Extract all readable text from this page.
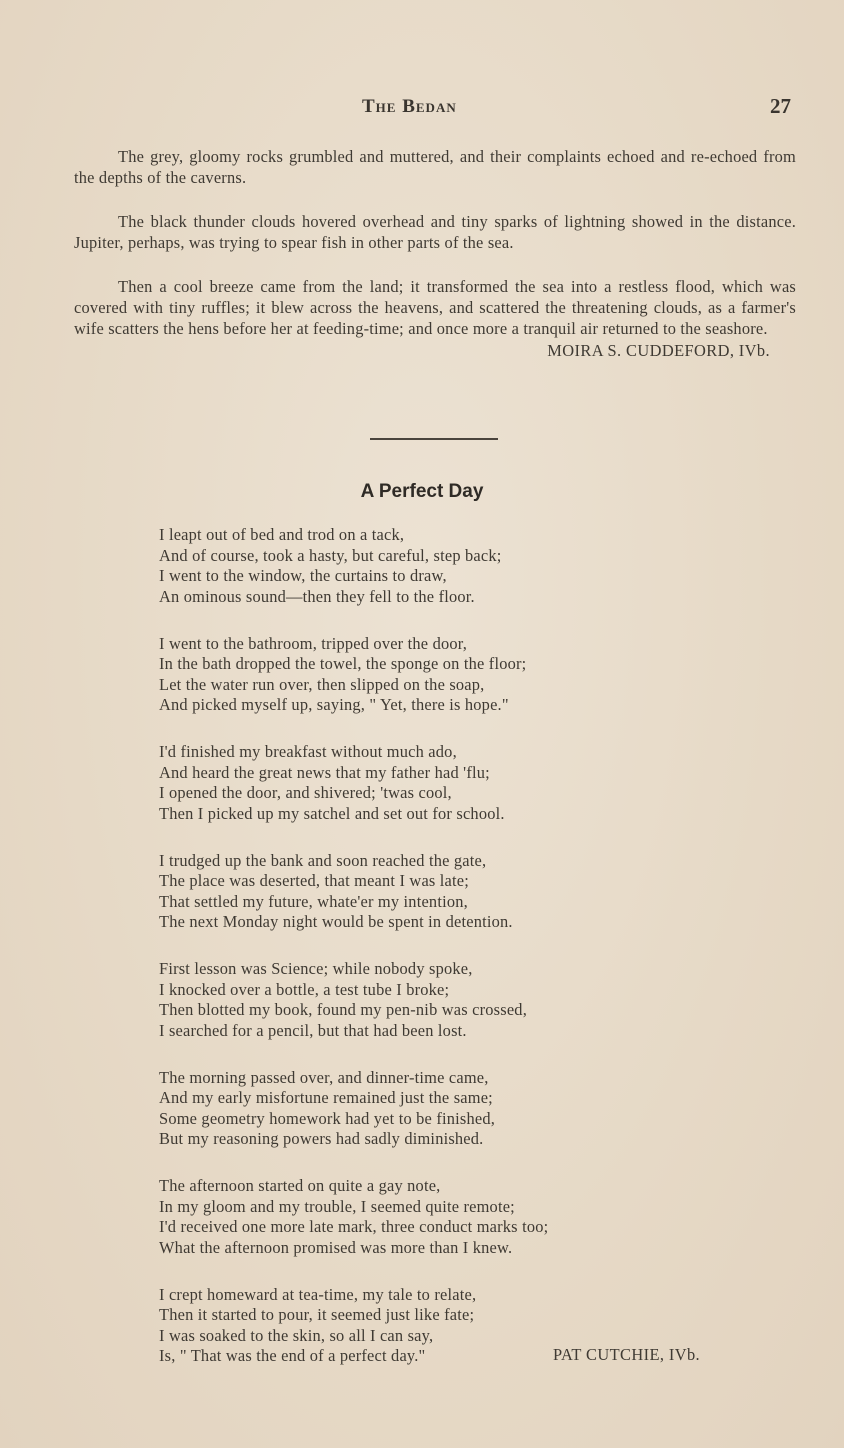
The Bedan	27

The grey, gloomy rocks grumbled and muttered, and their complaints echoed and re-echoed from the depths of the caverns.

The black thunder clouds hovered overhead and tiny sparks of lightning showed in the distance. Jupiter, perhaps, was trying to spear fish in other parts of the sea.

Then a cool breeze came from the land; it transformed the sea into a restless flood, which was covered with tiny ruffles; it blew across the heavens, and scattered the threatening clouds, as a farmer's wife scatters the hens before her at feeding-time; and once more a tranquil air returned to the seashore.

MOIRA S. CUDDEFORD, IVb.
A Perfect Day
I leapt out of bed and trod on a tack,
And of course, took a hasty, but careful, step back;
I went to the window, the curtains to draw,
An ominous sound—then they fell to the floor.
I went to the bathroom, tripped over the door,
In the bath dropped the towel, the sponge on the floor;
Let the water run over, then slipped on the soap,
And picked myself up, saying, " Yet, there is hope."
I'd finished my breakfast without much ado,
And heard the great news that my father had 'flu;
I opened the door, and shivered; 'twas cool,
Then I picked up my satchel and set out for school.
I trudged up the bank and soon reached the gate,
The place was deserted, that meant I was late;
That settled my future, whate'er my intention,
The next Monday night would be spent in detention.
First lesson was Science; while nobody spoke,
I knocked over a bottle, a test tube I broke;
Then blotted my book, found my pen-nib was crossed,
I searched for a pencil, but that had been lost.
The morning passed over, and dinner-time came,
And my early misfortune remained just the same;
Some geometry homework had yet to be finished,
But my reasoning powers had sadly diminished.
The afternoon started on quite a gay note,
In my gloom and my trouble, I seemed quite remote;
I'd received one more late mark, three conduct marks too;
What the afternoon promised was more than I knew.
I crept homeward at tea-time, my tale to relate,
Then it started to pour, it seemed just like fate;
I was soaked to the skin, so all I can say,
Is, " That was the end of a perfect day."	PAT CUTCHIE, IVb.
